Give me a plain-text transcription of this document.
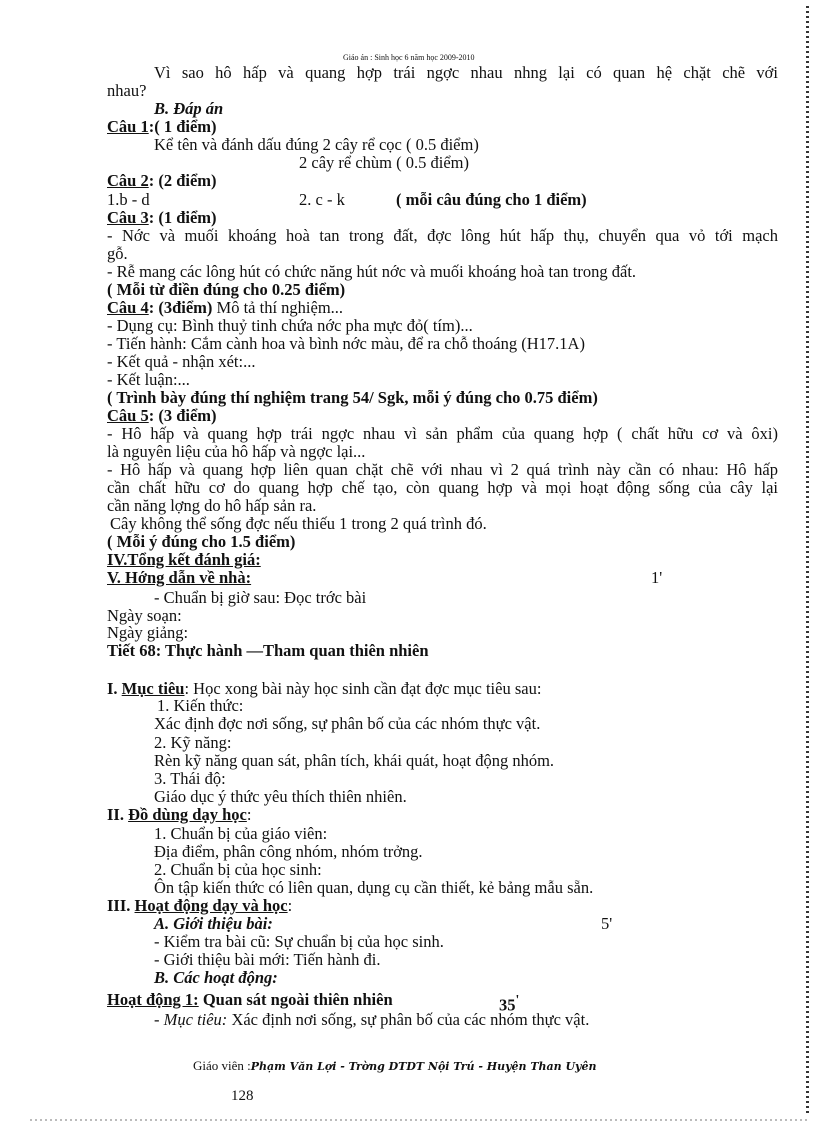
Giáo án : Sinh học 6 năm học 2009-2010
Vì sao hô hấp và quang hợp trái ngợc nhau nhng lại có quan hệ chặt chẽ với
nhau?
B. Đáp án
Câu 1:( 1 điểm)
Kể tên và đánh dấu đúng 2 cây rể cọc ( 0.5 điểm)
2 cây rể chùm ( 0.5 điểm)
Câu 2: (2 điểm)
1.b - d	2. c - k	( mỗi câu đúng cho 1 điểm)
Câu 3: (1 điểm)
- Nớc và muối khoáng hoà tan trong đất, đợc lông hút hấp thụ, chuyển qua vỏ tới mạch
gỗ.
- Rễ mang các lông hút có chức năng hút nớc và muối khoáng hoà tan trong đất.
( Mỗi từ điền đúng cho 0.25 điểm)
Câu 4: (3điểm) Mô tả thí nghiệm...
- Dụng cụ: Bình thuỷ tinh chứa nớc pha mực đỏ( tím)...
- Tiến hành: Cắm cành hoa và bình nớc màu, để ra chỗ thoáng (H17.1A)
- Kết quả - nhận xét:...
- Kết luận:...
( Trình bày đúng thí nghiệm trang 54/ Sgk, mỗi ý đúng cho 0.75 điểm)
Câu 5: (3 điểm)
- Hô hấp và quang hợp trái ngợc nhau vì sản phẩm của quang hợp ( chất hữu cơ và ôxi)
là nguyên liệu của hô hấp và ngợc lại...
- Hô hấp và quang hợp liên quan chặt chẽ với nhau vì 2 quá trình này cần có nhau: Hô hấp
cần chất hữu cơ do quang hợp chế tạo, còn quang hợp và mọi hoạt động sống của cây lại
cần năng lợng do hô hấp sản ra.
Cây không thể sống đợc nếu thiếu 1 trong 2 quá trình đó.
( Mỗi ý đúng cho 1.5 điểm)
IV.Tổng kết đánh giá:
V. Hớng dẫn về nhà:	1'
- Chuẩn bị giờ sau: Đọc trớc bài
Ngày soạn:
Ngày giảng:
Tiết 68: Thực hành —Tham quan thiên nhiên
I. Mục tiêu: Học xong bài này học sinh cần đạt đợc mục tiêu sau:
1. Kiến thức:
Xác định đợc nơi sống, sự phân bố của các nhóm thực vật.
2. Kỹ năng:
Rèn kỹ năng quan sát, phân tích, khái quát, hoạt động nhóm.
3. Thái độ:
Giáo dục ý thức yêu thích thiên nhiên.
II. Đồ dùng dạy học:
1. Chuẩn bị của giáo viên:
Địa điểm, phân công nhóm, nhóm trởng.
2. Chuẩn bị của học sinh:
Ôn tập kiến thức có liên quan, dụng cụ cần thiết, kẻ bảng mẫu sẵn.
III. Hoạt động dạy và học:
A. Giới thiệu bài:	5'
- Kiểm tra bài cũ: Sự chuẩn bị của học sinh.
- Giới thiệu bài mới: Tiến hành đi.
B. Các hoạt động:
Hoạt động 1: Quan sát ngoài thiên nhiên	35'
- Mục tiêu: Xác định nơi sống, sự phân bố của các nhóm thực vật.
Giáo viên :Phạm Văn Lợi - Trờng DTDT Nội Trú - Huyện Than Uyên
128
